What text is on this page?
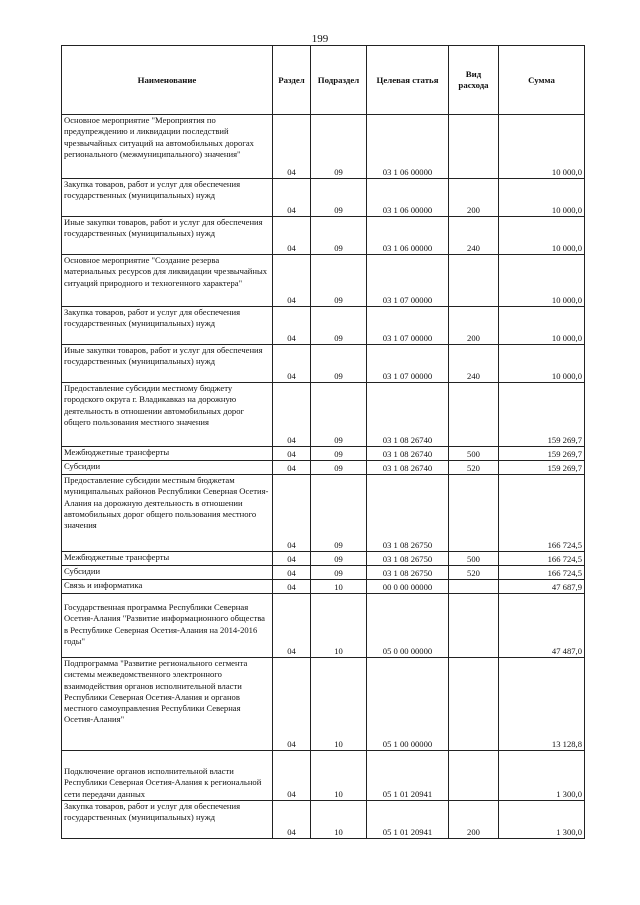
199
Наименование	Раздел	Подраздел	Целевая статья	Вид расхода	Сумма
Основное мероприятие "Мероприятия по предупреждению и ликвидации последствий чрезвычайных ситуаций на автомобильных дорогах регионального (межмуниципального) значения"	04	09	03 1 06 00000		10 000,0
Закупка товаров, работ и услуг для обеспечения государственных (муниципальных) нужд	04	09	03 1 06 00000	200	10 000,0
Иные закупки товаров, работ и услуг для обеспечения государственных (муниципальных) нужд	04	09	03 1 06 00000	240	10 000,0
Основное мероприятие "Создание резерва материальных ресурсов для ликвидации чрезвычайных ситуаций природного и техногенного характера"	04	09	03 1 07 00000		10 000,0
Закупка товаров, работ и услуг для обеспечения государственных (муниципальных) нужд	04	09	03 1 07 00000	200	10 000,0
Иные закупки товаров, работ и услуг для обеспечения государственных (муниципальных) нужд	04	09	03 1 07 00000	240	10 000,0
Предоставление субсидии местному бюджету городского округа г. Владикавказ на дорожную деятельность в отношении автомобильных дорог общего пользования местного значения	04	09	03 1 08 26740		159 269,7
Межбюджетные трансферты	04	09	03 1 08 26740	500	159 269,7
Субсидии	04	09	03 1 08 26740	520	159 269,7
Предоставление субсидии местным бюджетам муниципальных районов Республики Северная Осетия-Алания на дорожную деятельность в отношении автомобильных дорог общего пользования местного значения	04	09	03 1 08 26750		166 724,5
Межбюджетные трансферты	04	09	03 1 08 26750	500	166 724,5
Субсидии	04	09	03 1 08 26750	520	166 724,5
Связь и информатика	04	10	00 0 00 00000		47 687,9
Государственная программа Республики Северная Осетия-Алания "Развитие информационного общества в Республике Северная Осетия-Алания на 2014-2016 годы"	04	10	05 0 00 00000		47 487,0
Подпрограмма "Развитие регионального сегмента системы межведомственного электронного взаимодействия органов исполнительной власти Республики Северная Осетия-Алания и органов местного самоуправления Республики Северная Осетия-Алания"	04	10	05 1 00 00000		13 128,8
Подключение органов исполнительной власти Республики Северная Осетия-Алания к региональной сети передачи данных	04	10	05 1 01 20941		1 300,0
Закупка товаров, работ и услуг для обеспечения государственных (муниципальных) нужд	04	10	05 1 01 20941	200	1 300,0
